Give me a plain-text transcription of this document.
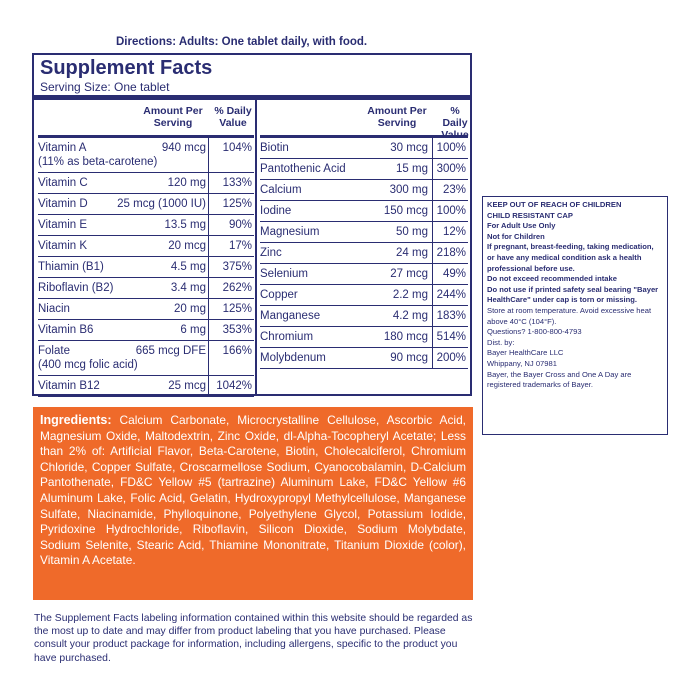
Directions: Adults: One tablet daily, with food.
Supplement Facts
Serving Size: One tablet
Amount Per
Serving
% Daily
Value
Vitamin A	940 mcg 104%
(11% as beta-carotene)
Vitamin C	120 mg 133%
Vitamin D	25 mcg (1000 IU) 125%
Vitamin E	13.5 mg 90%
Vitamin K	20 mcg 17%
Thiamin (B1)	4.5 mg 375%
Riboflavin (B2)	3.4 mg 262%
Niacin	20 mg 125%
Vitamin B6	6 mg 353%
Folate	665 mcg DFE 166%
(400 mcg folic acid)
Vitamin B12	25 mcg 1042%
Amount Per
Serving
% Daily
Value
Biotin	30 mcg 100%
Pantothenic Acid	15 mg 300%
Calcium	300 mg 23%
Iodine	150 mcg 100%
Magnesium	50 mg 12%
Zinc	24 mg 218%
Selenium	27 mcg 49%
Copper	2.2 mg 244%
Manganese	4.2 mg 183%
Chromium	180 mcg 514%
Molybdenum	90 mcg 200%
KEEP OUT OF REACH OF CHILDREN
CHILD RESISTANT CAP
For Adult Use Only
Not for Children
If pregnant, breast-feeding, taking medication, or have any medical condition ask a health professional before use.
Do not exceed recommended intake
Do not use if printed safety seal bearing "Bayer HealthCare" under cap is torn or missing.
Store at room temperature. Avoid excessive heat above 40°C (104°F).
Questions? 1-800-800-4793
Dist. by:
Bayer HealthCare LLC
Whippany, NJ 07981
Bayer, the Bayer Cross and One A Day are registered trademarks of Bayer.
Ingredients: Calcium Carbonate, Microcrystalline Cellulose, Ascorbic Acid, Magnesium Oxide, Maltodextrin, Zinc Oxide, dl-Alpha-Tocopheryl Acetate; Less than 2% of: Artificial Flavor, Beta-Carotene, Biotin, Cholecalciferol, Chromium Chloride, Copper Sulfate, Croscarmellose Sodium, Cyanocobalamin, D-Calcium Pantothenate, FD&C Yellow #5 (tartrazine) Aluminum Lake, FD&C Yellow #6 Aluminum Lake, Folic Acid, Gelatin, Hydroxypropyl Methylcellulose, Manganese Sulfate, Niacinamide, Phylloquinone, Polyethylene Glycol, Potassium Iodide, Pyridoxine Hydrochloride, Riboflavin, Silicon Dioxide, Sodium Molybdate, Sodium Selenite, Stearic Acid, Thiamine Mononitrate, Titanium Dioxide (color), Vitamin A Acetate.
The Supplement Facts labeling information contained within this website should be regarded as the most up to date and may differ from product labeling that you have purchased. Please consult your product package for information, including allergens, specific to the product you have purchased.
